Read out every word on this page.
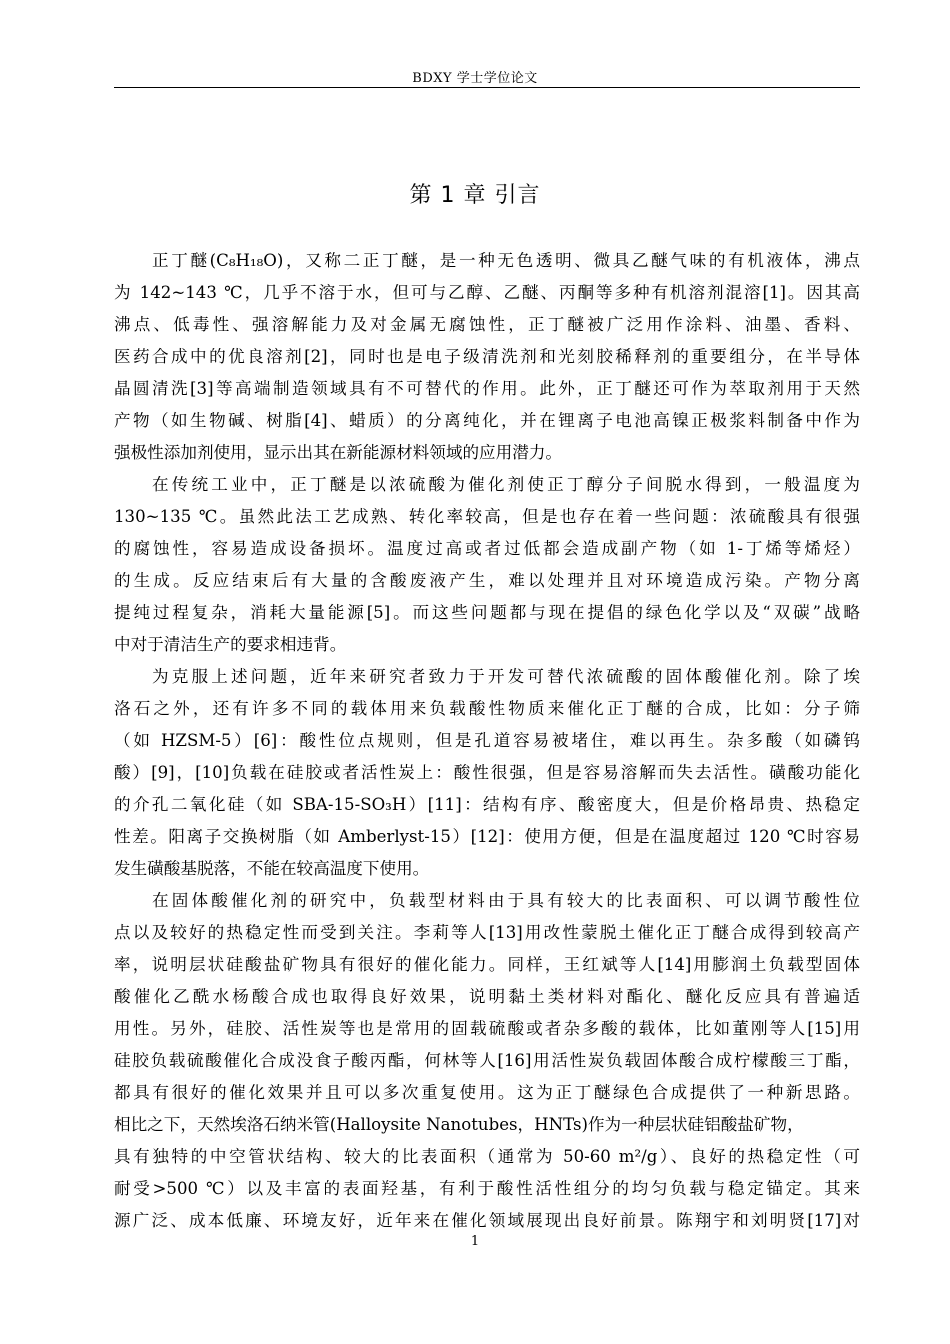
BDXY 学士学位论文
第 1 章 引言
正丁醚(C₈H₁₈O)，又称二正丁醚，是一种无色透明、微具乙醚气味的有机液体，沸点
为 142~143 ℃，几乎不溶于水，但可与乙醇、乙醚、丙酮等多种有机溶剂混溶[1]。因其高
沸点、低毒性、强溶解能力及对金属无腐蚀性，正丁醚被广泛用作涂料、油墨、香料、
医药合成中的优良溶剂[2]，同时也是电子级清洗剂和光刻胶稀释剂的重要组分，在半导体
晶圆清洗[3]等高端制造领域具有不可替代的作用。此外，正丁醚还可作为萃取剂用于天然
产物（如生物碱、树脂[4]、蜡质）的分离纯化，并在锂离子电池高镍正极浆料制备中作为
强极性添加剂使用，显示出其在新能源材料领域的应用潜力。
在传统工业中，正丁醚是以浓硫酸为催化剂使正丁醇分子间脱水得到，一般温度为
130~135 ℃。虽然此法工艺成熟、转化率较高，但是也存在着一些问题：浓硫酸具有很强
的腐蚀性，容易造成设备损坏。温度过高或者过低都会造成副产物（如 1-丁烯等烯烃）
的生成。反应结束后有大量的含酸废液产生，难以处理并且对环境造成污染。产物分离
提纯过程复杂，消耗大量能源[5]。而这些问题都与现在提倡的绿色化学以及“双碳”战略
中对于清洁生产的要求相违背。
为克服上述问题，近年来研究者致力于开发可替代浓硫酸的固体酸催化剂。除了埃
洛石之外，还有许多不同的载体用来负载酸性物质来催化正丁醚的合成，比如：分子筛
（如 HZSM-5）[6]：酸性位点规则，但是孔道容易被堵住，难以再生。杂多酸（如磷钨
酸）[9]，[10]负载在硅胶或者活性炭上：酸性很强，但是容易溶解而失去活性。磺酸功能化
的介孔二氧化硅（如 SBA-15-SO₃H）[11]：结构有序、酸密度大，但是价格昂贵、热稳定
性差。阳离子交换树脂（如 Amberlyst-15）[12]：使用方便，但是在温度超过 120 ℃时容易
发生磺酸基脱落，不能在较高温度下使用。
在固体酸催化剂的研究中，负载型材料由于具有较大的比表面积、可以调节酸性位
点以及较好的热稳定性而受到关注。李莉等人[13]用改性蒙脱土催化正丁醚合成得到较高产
率，说明层状硅酸盐矿物具有很好的催化能力。同样，王红斌等人[14]用膨润土负载型固体
酸催化乙酰水杨酸合成也取得良好效果，说明黏土类材料对酯化、醚化反应具有普遍适
用性。另外，硅胶、活性炭等也是常用的固载硫酸或者杂多酸的载体，比如董刚等人[15]用
硅胶负载硫酸催化合成没食子酸丙酯，何林等人[16]用活性炭负载固体酸合成柠檬酸三丁酯，
都具有很好的催化效果并且可以多次重复使用。这为正丁醚绿色合成提供了一种新思路。
相比之下，天然埃洛石纳米管(Halloysite Nanotubes，HNTs)作为一种层状硅铝酸盐矿物，
具有独特的中空管状结构、较大的比表面积（通常为 50-60 m²/g）、良好的热稳定性（可
耐受>500 ℃）以及丰富的表面羟基，有利于酸性活性组分的均匀负载与稳定锚定。其来
源广泛、成本低廉、环境友好，近年来在催化领域展现出良好前景。陈翔宇和刘明贤[17]对
1
